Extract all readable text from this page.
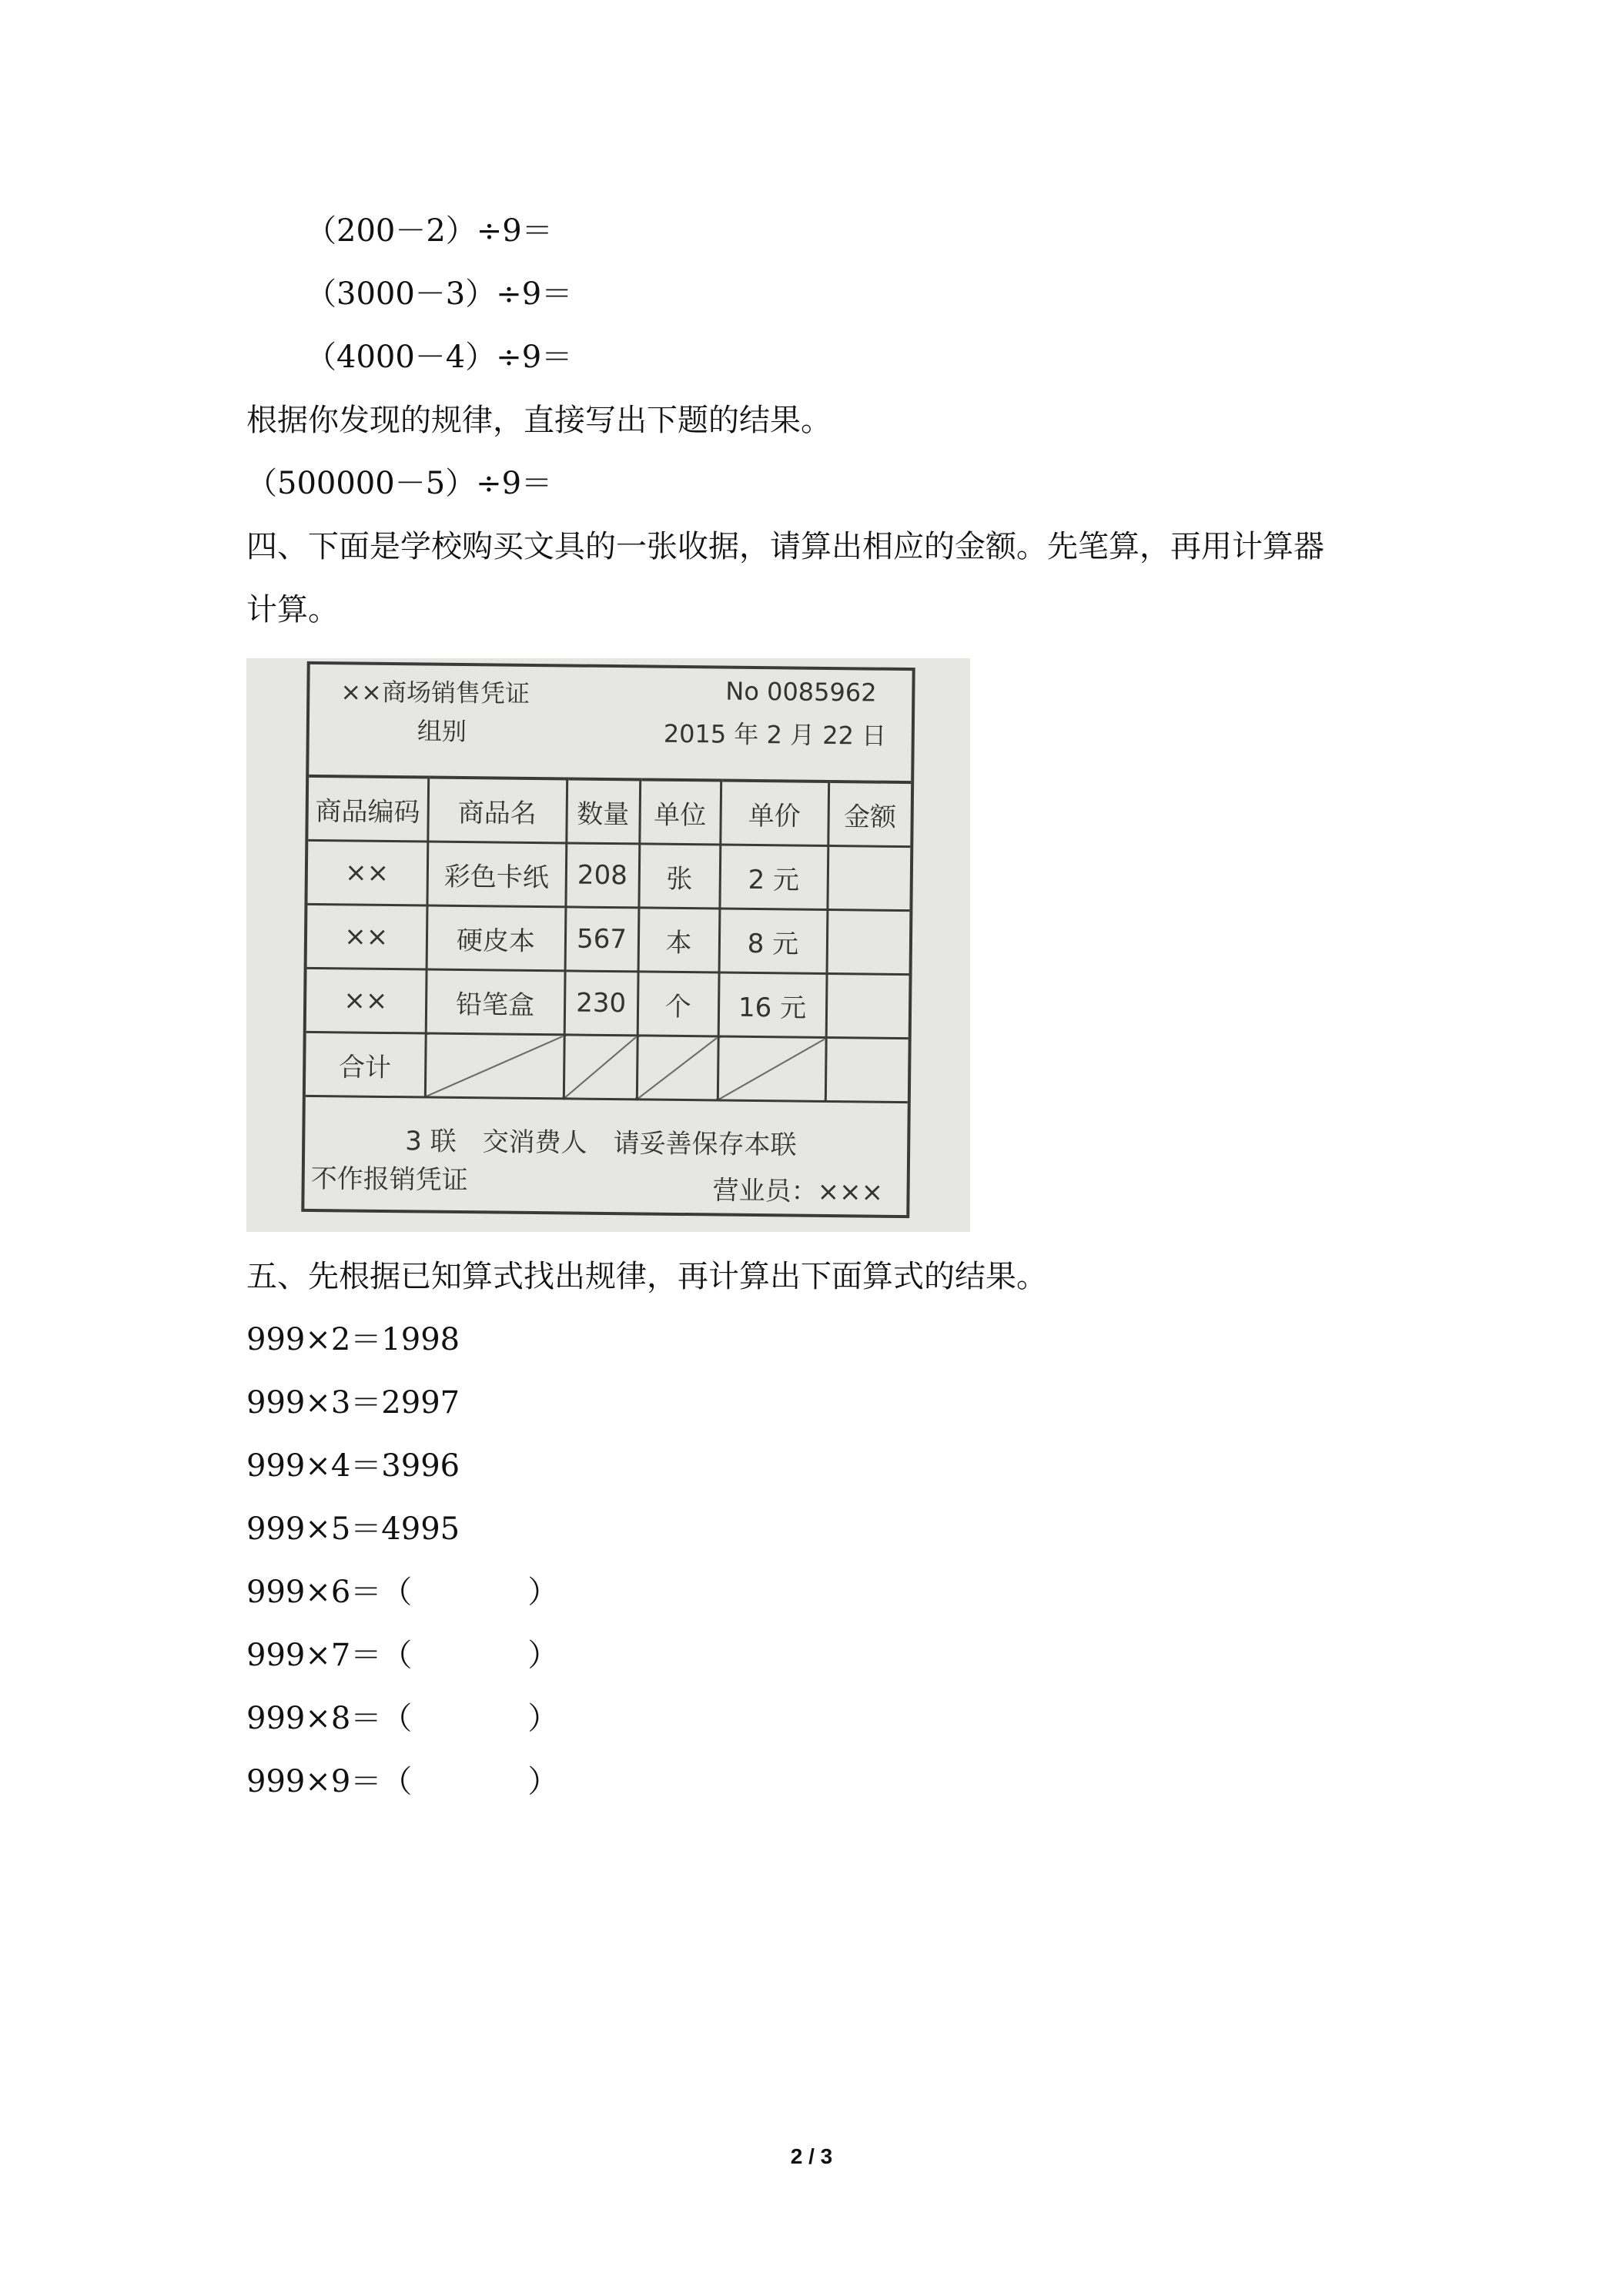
（200－2）÷9＝
（3000－3）÷9＝
（4000－4）÷9＝
根据你发现的规律，直接写出下题的结果。
（500000－5）÷9＝
四、下面是学校购买文具的一张收据，请算出相应的金额。先笔算，再用计算器
计算。
××商场销售凭证	No 0085962
组别	2015 年 2 月 22 日
商品编码	商品名	数量	单位	单价	金额
××	彩色卡纸	208	张	2 元	
××	硬皮本	567	本	8 元	
××	铅笔盒	230	个	16 元	
合计					
3 联　交消费人　请妥善保存本联
不作报销凭证	营业员：×××
五、先根据已知算式找出规律，再计算出下面算式的结果。
999×2＝1998
999×3＝2997
999×4＝3996
999×5＝4995
999×6＝（	）
999×7＝（	）
999×8＝（	）
999×9＝（	）
2 / 3
